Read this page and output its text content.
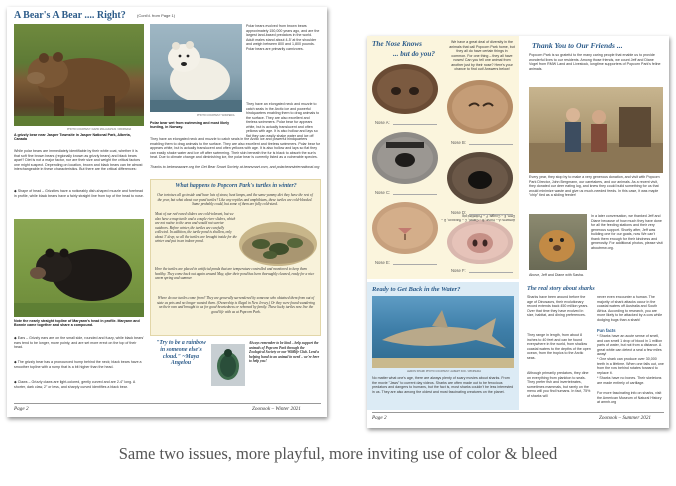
A Bear's A Bear .... Right?	(Cont'd. from Page 1)
PHOTO COURTESY: DAVID MCLAUGHLIN / WIKIPEDIA
A grizzly bear near Jasper Townsite in Jasper National Park, Alberta, Canada
While polar bears are immediately identifiable by their white coat, whether it is that soft fine brown bears (regionally known as grizzly bears) and black bears apart? Diet is not a major factor, nor are their size and weight the critical factors one might suspect. Depending on location, brown and black bears can be almost interchangeable in these characteristics. But there are the critical differences:
◆ Shape of head – Grizzlies have a noticeably dish-shaped muzzle and forehead in profile, while black bears have a fairly straight line from top of the head to nose.
Note the nearly straight topline of Maryann's head in profile. Maryann and Bonnie came together and share a compound.
◆ Ears – Grizzly ears are on the small side, rounded and fuzzy, while black bears' ears tend to be longer, more pointy, and are set more erect on the top of their head.
◆ The grizzly bear has a pronounced hump behind the neck; black bears have a smoother topline with a rump that is a bit higher than the head.
◆ Claws – Grizzly claws are light-colored, gently curved and are 2-4" long. A shorter, dark claw, 2" or less, and sharply curved identifies a black bear.
PHOTO COURTESY: WIKIPEDIA
Polar bear wet from swimming and most likely hunting, in Norway.
Polar bears evolved from brown bears approximately 150,000 years ago, and are the largest land-based predators in the world. Adult males stand about 4-5' at the shoulder and weigh between 800 and 1,800 pounds. Polar bears are primarily carnivores.
They have an elongated neck and muzzle to catch seals in the Arctic ice and powerful hindquarters enabling them to drag animals to the surface. They are also excellent and tireless swimmers. Polar bear fur appears white, but is actually translucent and often yellows with age. It is also hollow and lays so flat they can easily shake water and ice off
They have an elongated neck and muzzle to catch seals in the Arctic ice and powerful hindquarters enabling them to drag animals to the surface. They are also excellent and tireless swimmers. Polar bear fur appears white, but is actually translucent and often yellows with age. It is also hollow and lays so flat they can easily shake water and ice off after swimming. Their skin beneath the fur is black to absorb the sun's heat. Due to climate change and diminishing ice, the polar bear is currently listed as a vulnerable species.
Thanks to bebearaware.org the Get Bear Smart Society at bearsmart.com, and polarbearsinternational.org
What happens to Popcorn Park's turtles in winter?
Our tortoises all go inside and have lots of straw, heat lamps, and the same yummy diet they have the rest of the year, but what about our pond turtles? Like any reptiles and amphibians, these turtles are cold-blooded. Same probably could, but some of them are fully cold-sized.
Most of our red-eared sliders are cold-tolerant, but we also have a map turtle and a couple river sliders, which are not native to the area and would not survive outdoors. Before winter, the turtles are carefully collected. In addition, the turtle pond is shallow, only about 3' deep, so all the turtles are brought inside for the winter and put in an indoor pond.
Here the turtles are placed in artificial ponds that are temperature controlled and monitored to keep them healthy. They come back out again around May, after their pond has been thoroughly cleaned, ready for a nice warm spring and summer.
Where do our turtles come from? They are generally surrendered by someone who obtained them from out of state as pets and no longer wanted them. (Ownership is illegal in New Jersey.) Or they were found wandering on their own and brought to us for good-heartedness or rehomed by family. These lucky turtles now live the good life with us at Popcorn Park.
"Try to be a rainbow in someone else's cloud." ~Maya Angelou
Always remember to be kind – help support the animals of Popcorn Park through the Zoological Society or our Wildlife Club. Lend a helping hand to an animal in need – we're here to help you!
Page 2	Zoonook – Winter 2021
The Nose Knows
... but do you?
We have a great deal of diversity in the animals that call Popcorn Park home, but they all do have certain things in common. For one thing – they all have noses! Can you tell one animal from another just by their nose? Here's your chance to find out! Answers below!
Nose A:
Nose B:
Nose C:
Nose D:
Nose E:
Nose F:
Thank You to Our Friends ...
Popcorn Park is so grateful to the many caring people that enable us to provide wonderful lives to our residents. Among those friends, we count Jeff and Diane Vogel from RMW Land and Livestock, longtime supporters of Popcorn Park's feline animals.
Every year, they stop by to make a very generous donation, and visit with Popcorn Park Director, John Bergmann, our caretakers, and our animals. As a recent visit, they donated our deer eating log, and knew they could build something for us that would minimize waste and give us much-needed feeds. In this case, it was maple "chip" tied as a sliding feeder!
In a later conversation, we thanked Jeff and Diane because of how much they have done for all the feeding stations and their very generous support. Shortly after, Jeff was building one for our goats, now We can't thank them enough for their kindness and generosity. For additional photos, please visit aboutrmw.org.
Above, Jeff and Diane with Sasha.
Ready to Get Back in the Water?
LEMON SHARK PHOTO COURTESY: ALBERT KOK / WIKIPEDIA
No matter what one's age, there are always plenty of scary movies about sharks. From the movie "Jaws" to current day videos. Sharks are often made out to be ferocious predators and dangers to humans, but the fact is, most sharks couldn't be less interested in us. They are also among the oldest and most fascinating creatures on the planet.
The real story about sharks
Sharks have been around before the age of Dinosaurs, their evolutionary record extends back 450 million years. Over that time they have evolved in size, habitat, and dining preferences.
They range in length, from about 8 inches to 40 feet and can be found everywhere in the world, from shallow coastal waters to the depths of the open ocean, from the tropics to the Arctic seas.
Although primarily predators, they dine on everything from plankton to seals. They prefer fish and invertebrates, sometimes mammals, but rarely on the menu will you find humans. In fact, 75% of sharks will
never even encounter a human. The majority of shark attacks occur in the coastal waters off Australia and South Africa. According to research, you are more likely to be attacked by a cow while dodging bugs than a shark!
Fun facts
* Sharks have an acute sense of smell, and can smell 1 drop of blood in 1 million parts of water, but not from a distance. A great white can detect a seal a few miles away!
* One shark can produce over 30,000 teeth in a lifetime. When one falls out, one from the row behind rotates forward to replace it.
* Sharks have no bones. Their skeletons are made entirely of cartilage.
For more fascinating info on sharks, visit the American Museum of Natural History at amnh.org
Page 2	Zoonook – Summer 2021
Answers: A – Horse, B – Camel, C – Raccoon, D – Deer, E – Cougar, F – Potbellied pig
Same two issues, more playful, more inviting use of color & bleed
